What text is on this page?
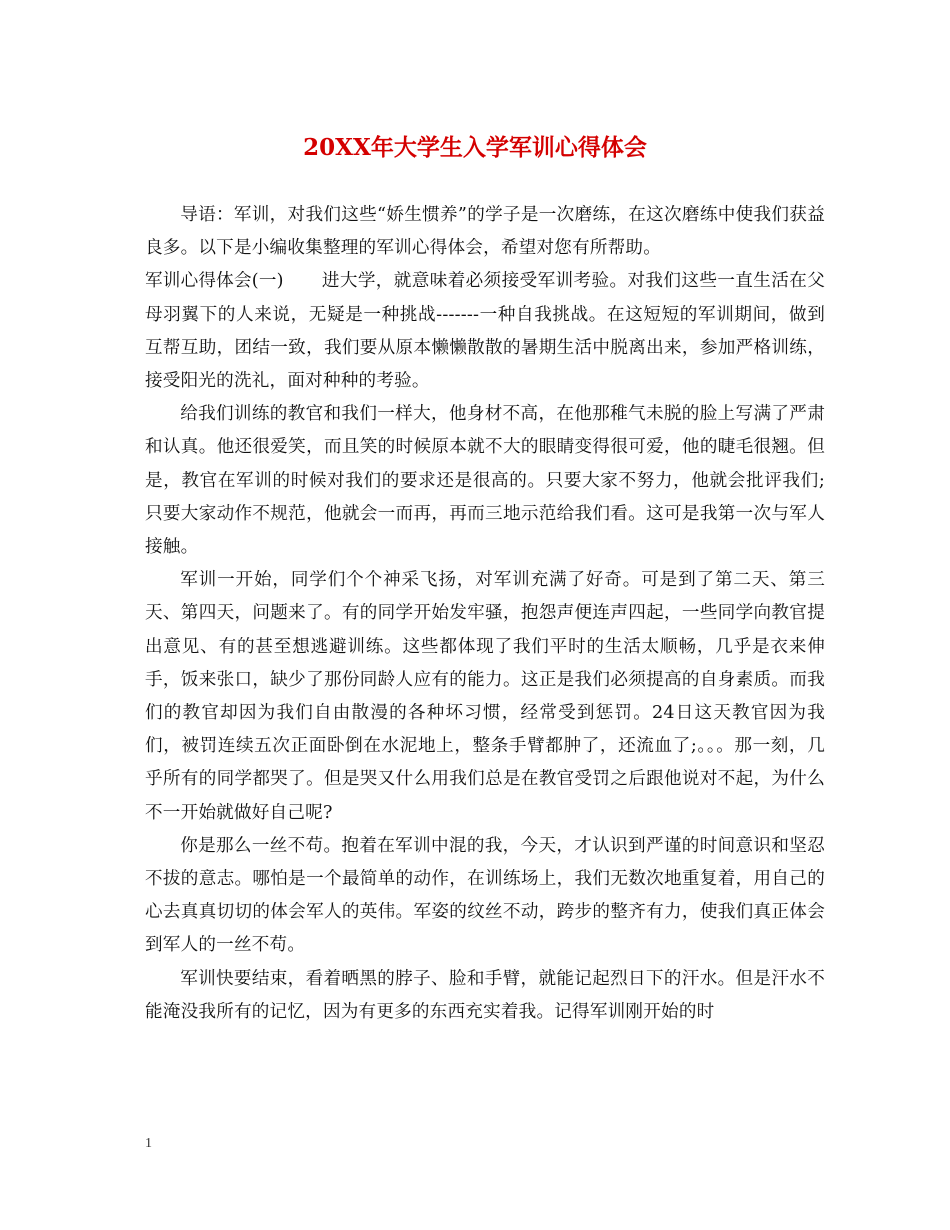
20XX年大学生入学军训心得体会

导语：军训，对我们这些“娇生惯养”的学子是一次磨练，在这次磨练中使我们获益良多。以下是小编收集整理的军训心得体会，希望对您有所帮助。

军训心得体会(一) 进大学，就意味着必须接受军训考验。对我们这些一直生活在父母羽翼下的人来说，无疑是一种挑战-------一种自我挑战。在这短短的军训期间，做到互帮互助，团结一致，我们要从原本懒懒散散的暑期生活中脱离出来，参加严格训练，接受阳光的洗礼，面对种种的考验。

给我们训练的教官和我们一样大，他身材不高，在他那稚气未脱的脸上写满了严肃和认真。他还很爱笑，而且笑的时候原本就不大的眼睛变得很可爱，他的睫毛很翘。但是，教官在军训的时候对我们的要求还是很高的。只要大家不努力，他就会批评我们;只要大家动作不规范，他就会一而再，再而三地示范给我们看。这可是我第一次与军人接触。

军训一开始，同学们个个神采飞扬，对军训充满了好奇。可是到了第二天、第三天、第四天，问题来了。有的同学开始发牢骚，抱怨声便连声四起，一些同学向教官提出意见、有的甚至想逃避训练。这些都体现了我们平时的生活太顺畅，几乎是衣来伸手，饭来张口，缺少了那份同龄人应有的能力。这正是我们必须提高的自身素质。而我们的教官却因为我们自由散漫的各种坏习惯，经常受到惩罚。24日这天教官因为我们，被罚连续五次正面卧倒在水泥地上，整条手臂都肿了，还流血了;。。。那一刻，几乎所有的同学都哭了。但是哭又什么用我们总是在教官受罚之后跟他说对不起，为什么不一开始就做好自己呢?

你是那么一丝不苟。抱着在军训中混的我，今天，才认识到严谨的时间意识和坚忍不拔的意志。哪怕是一个最简单的动作，在训练场上，我们无数次地重复着，用自己的心去真真切切的体会军人的英伟。军姿的纹丝不动，跨步的整齐有力，使我们真正体会到军人的一丝不苟。

军训快要结束，看着晒黑的脖子、脸和手臂，就能记起烈日下的汗水。但是汗水不能淹没我所有的记忆，因为有更多的东西充实着我。记得军训刚开始的时

1
